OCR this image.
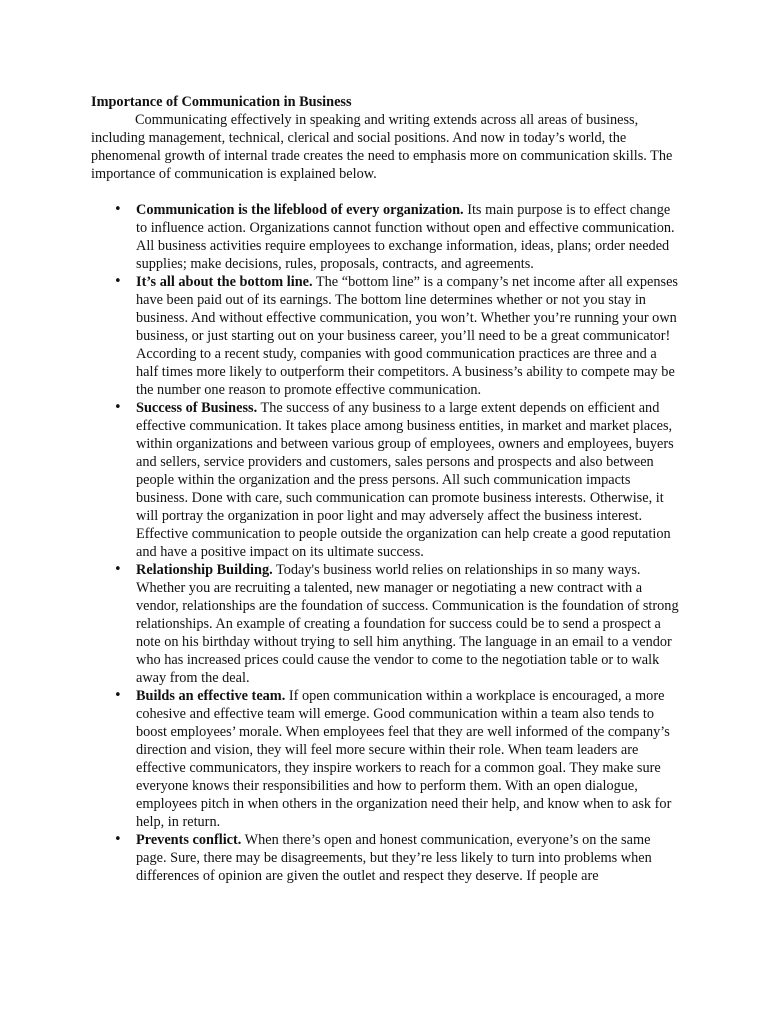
Importance of Communication in Business

Communicating effectively in speaking and writing extends across all areas of business, including management, technical, clerical and social positions. And now in today’s world, the phenomenal growth of internal trade creates the need to emphasis more on communication skills. The importance of communication is explained below.

• Communication is the lifeblood of every organization. Its main purpose is to effect change to influence action. Organizations cannot function without open and effective communication. All business activities require employees to exchange information, ideas, plans; order needed supplies; make decisions, rules, proposals, contracts, and agreements.
• It’s all about the bottom line. The “bottom line” is a company’s net income after all expenses have been paid out of its earnings. The bottom line determines whether or not you stay in business. And without effective communication, you won’t. Whether you’re running your own business, or just starting out on your business career, you’ll need to be a great communicator! According to a recent study, companies with good communication practices are three and a half times more likely to outperform their competitors. A business’s ability to compete may be the number one reason to promote effective communication.
• Success of Business. The success of any business to a large extent depends on efficient and effective communication. It takes place among business entities, in market and market places, within organizations and between various group of employees, owners and employees, buyers and sellers, service providers and customers, sales persons and prospects and also between people within the organization and the press persons. All such communication impacts business. Done with care, such communication can promote business interests. Otherwise, it will portray the organization in poor light and may adversely affect the business interest. Effective communication to people outside the organization can help create a good reputation and have a positive impact on its ultimate success.
• Relationship Building. Today's business world relies on relationships in so many ways. Whether you are recruiting a talented, new manager or negotiating a new contract with a vendor, relationships are the foundation of success. Communication is the foundation of strong relationships. An example of creating a foundation for success could be to send a prospect a note on his birthday without trying to sell him anything. The language in an email to a vendor who has increased prices could cause the vendor to come to the negotiation table or to walk away from the deal.
• Builds an effective team. If open communication within a workplace is encouraged, a more cohesive and effective team will emerge. Good communication within a team also tends to boost employees’ morale. When employees feel that they are well informed of the company’s direction and vision, they will feel more secure within their role. When team leaders are effective communicators, they inspire workers to reach for a common goal. They make sure everyone knows their responsibilities and how to perform them. With an open dialogue, employees pitch in when others in the organization need their help, and know when to ask for help, in return.
• Prevents conflict. When there’s open and honest communication, everyone’s on the same page. Sure, there may be disagreements, but they’re less likely to turn into problems when differences of opinion are given the outlet and respect they deserve. If people are
